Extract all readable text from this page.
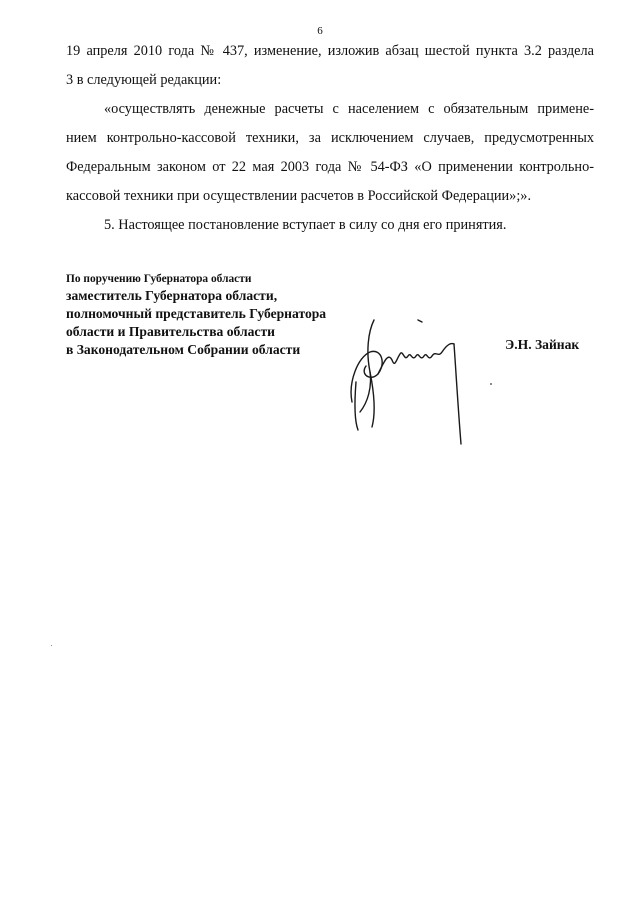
6

19 апреля 2010 года № 437, изменение, изложив абзац шестой пункта 3.2 раздела

3 в следующей редакции:

«осуществлять денежные расчеты с населением с обязательным примене-

нием контрольно-кассовой техники, за исключением случаев, предусмотренных

Федеральным законом от 22 мая 2003 года № 54-ФЗ «О применении контрольно-

кассовой техники при осуществлении расчетов в Российской Федерации»;».

5. Настоящее постановление вступает в силу со дня его принятия.

По поручению Губернатора области

заместитель Губернатора области,

полномочный представитель Губернатора

области и Правительства области

в Законодательном Собрании области	Э.Н. Зайнак
